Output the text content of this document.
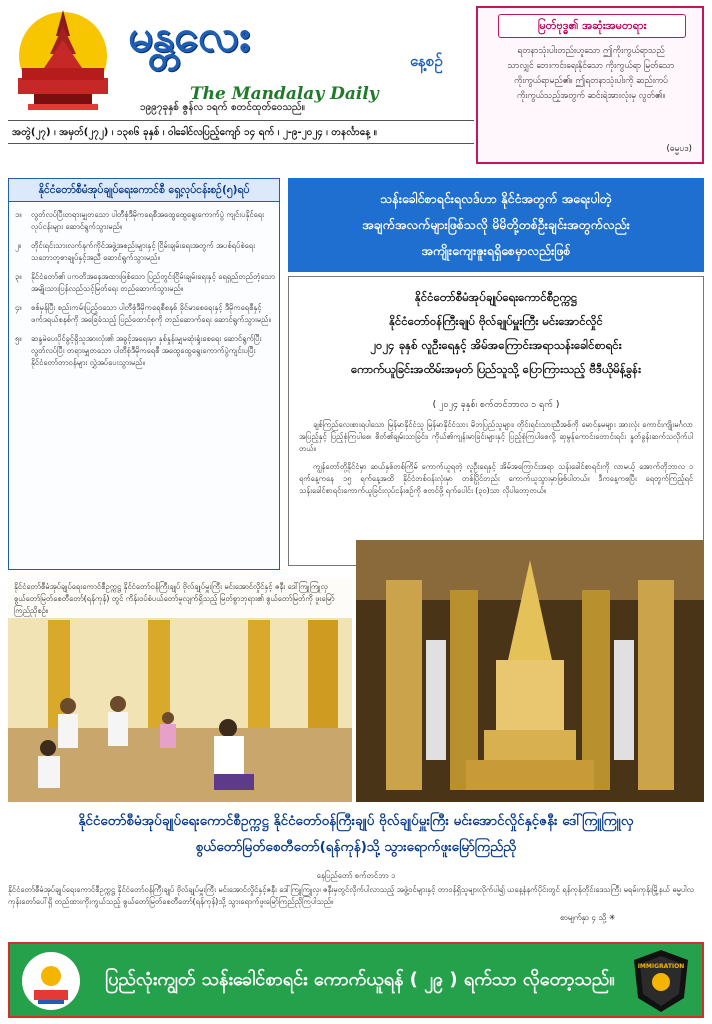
မန္တလေး	နေ့စဉ်
The Mandalay Daily
၁၉၉၇ခုနှစ် ဇွန်လ ၁ရက် စတင်ထုတ်ဝေသည်။
မြတ်ဗုဒ္ဓ၏ အဆုံးအမတရား
ရတနာသုံးပါးတည်းဟူသော ဤကိုးကွယ်ရာသည်
သာလျှင် ဘေးကင်းရေးနိုင်သော ကိုးကွယ်ရာ မြတ်သော
ကိုးကွယ်ရာမည်၏။ ဤရတနာသုံးပါးကို ဆည်းကပ်
ကိုးကွယ်သည့်အတွက် ဆင်းရဲအားလုံးမှ လွတ်၏။
(ဓမ္မပဒ)
အတွဲ(၂၇) ၊ အမှတ်(၂၇၂) ၊ ၁၃၈၆ ခုနှစ် ၊ ဝါခေါင်လပြည့်ကျော် ၁၄ ရက် ၊ ၂-၉-၂၀၂၄ ၊ တနင်္လာနေ့ ။
နိုင်ငံတော်စီမံအုပ်ချုပ်ရေးကောင်စီ ရှေ့လုပ်ငန်းစဉ်(၅)ရပ်
၁။	လွတ်လပ်ပြီးတရားမျှတသော ပါတီစုံဒီမိုကရေစီအထွေထွေရွေးကောက်ပွဲ ကျင်းပနိုင်ရေးလုပ်ငန်းများ ဆောင်ရွက်သွားမည်။
၂။	တိုင်းရင်းသားလက်နက်ကိုင်အဖွဲ့အစည်းများနှင့် ငြိမ်းချမ်းရေးအတွက် အပစ်ရပ်စဲရေးသဘောတူစာချုပ်နှင့်အညီ ဆောင်ရွက်သွားမည်။
၃။	နိုင်ငံတော်၏ ပကတိအနေအထားဖြစ်သော ပြည်တွင်းငြိမ်းချမ်းရေးနှင့် ရေရှည်တည်တံ့သော အမျိုးသားပြန်လည်သင့်မြတ်ရေး တည်ဆောက်သွားမည်။
၄။	စစ်မှန်ပြီး စည်းကမ်းပြည့်ဝသော ပါတီစုံဒီမိုကရေစီစနစ် ခိုင်မာစေရေးနှင့် ဒီမိုကရေစီနှင့် ဖက်ဒရယ်စနစ်ကို အခြေခံသည့် ပြည်ထောင်စုကို တည်ဆောက်ရေး ဆောင်ရွက်သွားမည်။
၅။	ဆန္ဒမဲပေးပိုင်ခွင့်ရှိသူအားလုံး၏ အခွင့်အရေးမှာ နှစ်နှုန်းမျှမဆုံးရှုံးစေရေး ဆောင်ရွက်ပြီး လွတ်လပ်ပြီး တရားမျှတသော ပါတီစုံဒီမိုကရေစီ အထွေထွေရွေးကောက်ပွဲကျင်းပပြီး နိုင်ငံတော်တာဝန်များ လွှဲအပ်ပေးသွားမည်။
သန်းခေါင်စာရင်းရလဒ်ဟာ နိုင်ငံအတွက် အရေးပါတဲ့
အချက်အလက်များဖြစ်သလို မိမိတို့တစ်ဦးချင်းအတွက်လည်း
အကျိုးကျေးဇူးရရှိစေမှာလည်းဖြစ်
နိုင်ငံတော်စီမံအုပ်ချုပ်ရေးကောင်စီဥက္ကဋ္ဌ
နိုင်ငံတော်ဝန်ကြီးချုပ် ဗိုလ်ချုပ်မှူးကြီး မင်းအောင်လှိုင်
၂၀၂၄ ခုနှစ် လူဦးရေနှင့် အိမ်အကြောင်းအရာသန်းခေါင်စာရင်း
ကောက်ယူခြင်းအထိမ်းအမှတ် ပြည်သူသို့ ပြောကြားသည့် ဗီဒီယိုမိန့်ခွန်း
( ၂၀၂၄ ခုနှစ်၊ စက်တင်ဘာလ ၁ ရက် )

ချစ်ကြည်လေးစားရပါသော မြန်မာနိုင်ငံသူ မြန်မာနိုင်ငံသား မိဘပြည်သူများ၊ တိုင်းရင်းသားညီအစ်ကို မောင်နှမများ အားလုံး ကောင်းကျိုးမင်္ဂလာအပြည့်နှင့် ပြည့်စုံကြပါစေ၊ စိတ်၏ချမ်းသာခြင်း၊ ကိုယ်၏ကျန်းမာခြင်းများနှင့် ပြည့်စုံကြပါစေလို့ ဆုမွန်ကောင်းတောင်းရင်း နှုတ်ခွန်းဆက်သလိုက်ပါတယ်။

ကျွန်တော်တို့နိုင်ငံမှာ ဆယ်နှစ်တစ်ကြိမ် ကောက်ယူရတဲ့ လူဦးရေနှင့် အိမ်အကြောင်းအရာ သန်းခေါင်စာရင်းကို လာမယ့် အောက်တိုဘာလ ၁ ရက်နေ့ကနေ ၁၅ ရက်နေ့အထိ နိုင်ငံတစ်ဝန်းလုံးမှာ တစ်ပြိုင်တည်း ကောက်ယူသွားမှာဖြစ်ပါတယ်။ ဒီကနေ့ကစပြီး ရေတွက်ကြည့်ရင် သန်းခေါင်စာရင်းကောက်ယူခြင်းလုပ်ငန်းစဉ်ကို စတင်ဖို့ ရက်ပေါင်း (၃၀)သာ လိုပါတော့တယ်။

နိုင်ငံတော်စီမံအုပ်ချုပ်ရေးကောင်စီဥက္ကဋ္ဌ နိုင်ငံတော်ဝန်ကြီးချုပ် ဗိုလ်ချုပ်မှူးကြီး မင်းအောင်လှိုင်နှင့် ဇနီး ဒေါ်ကြူကြူလှ စွယ်တော်မြတ်စေတီတော်(ရန်ကုန်) တွင် ကိန်းဝပ်စံပယ်တော်မူလျက်ရှိသည့် မြတ်စွာဘုရား၏ စွယ်တော်မြတ်ကို ဖူးမြော်ကြည်ညိုစဉ်။
နိုင်ငံတော်စီမံအုပ်ချုပ်ရေးကောင်စီဥက္ကဋ္ဌ နိုင်ငံတော်ဝန်ကြီးချုပ် ဗိုလ်ချုပ်မှူးကြီး မင်းအောင်လှိုင်နှင့်ဇနီး ဒေါ်ကြူကြူလှ
စွယ်တော်မြတ်စေတီတော်(ရန်ကုန်)သို့ သွားရောက်ဖူးမြော်ကြည်ညို
နေပြည်တော် စက်တင်ဘာ ၁
နိုင်ငံတော်စီမံအုပ်ချုပ်ရေးကောင်စီဥက္ကဋ္ဌ နိုင်ငံတော်ဝန်ကြီးချုပ် ဗိုလ်ချုပ်မှူးကြီး မင်းအောင်လှိုင်နှင့်ဇနီး ဒေါ်ကြူကြူလှ၊ ဇနီးမှတွင်လိုက်ပါလာသည့် အဖွဲ့ဝင်များနှင့် တာဝန်ရှိသူများလိုက်ပါ၍ ယနေ့နံနက်ပိုင်းတွင် ရန်ကုန်တိုင်းဒေသကြီး မရမ်းကုန်းမြို့နယ် ဓမ္မပါလကုန်းတော်ပေါ်ရှိ တည်ထားကိုးကွယ်သည့် စွယ်တော်မြတ်စေတီတော်(ရန်ကုန်)သို့ သွားရောက်ဖူးမြော်ကြည်ညိုကြပါသည်။
စာမျက်နှာ ၄ သို့ ✳
ပြည်လုံးကျွတ် သန်းခေါင်စာရင်း ကောက်ယူရန် ( ၂၉ ) ရက်သာ လိုတော့သည်။
IMMIGRATION
